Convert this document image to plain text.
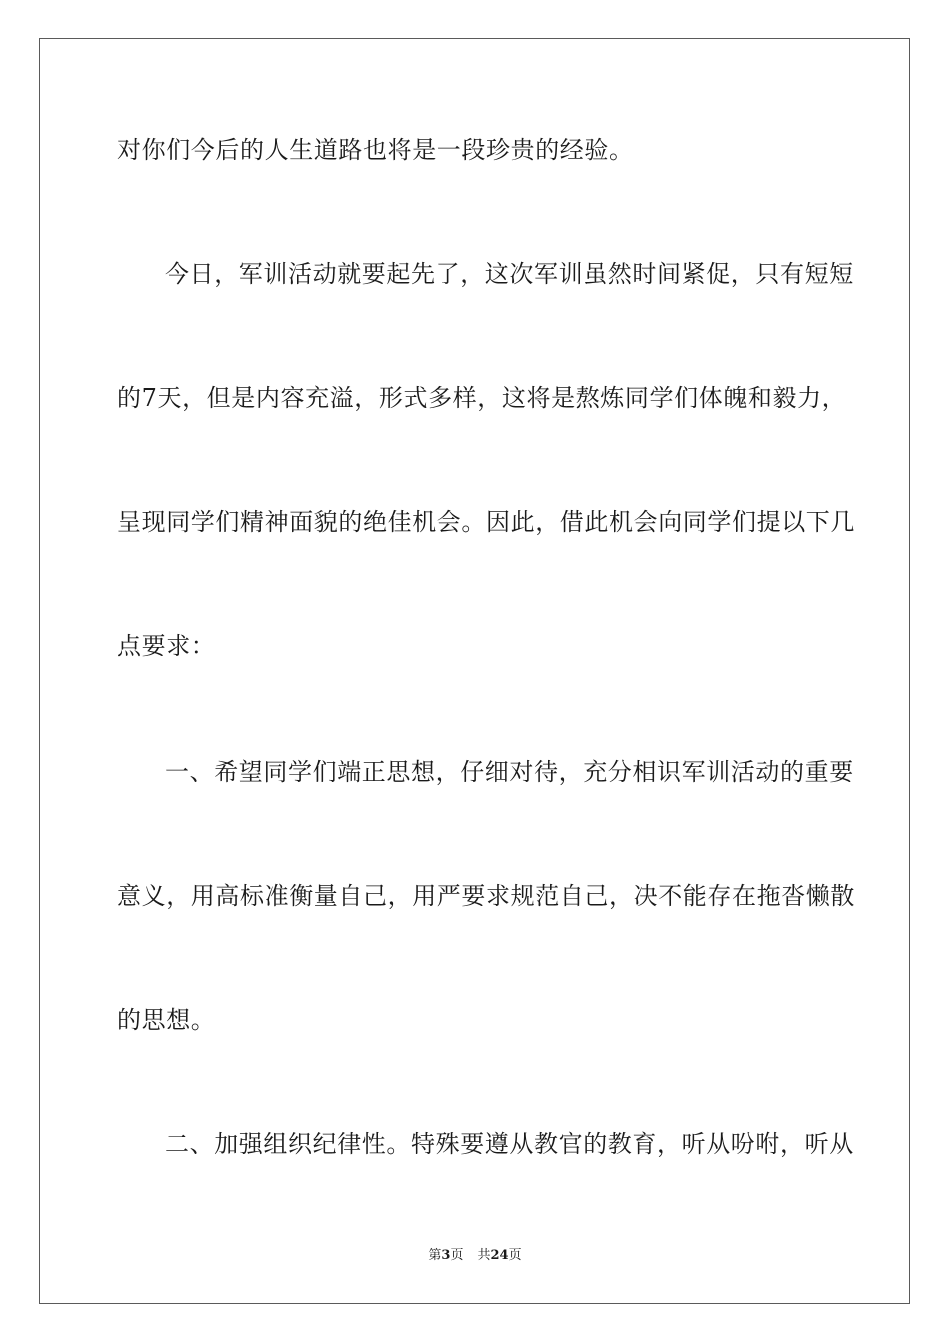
对你们今后的人生道路也将是一段珍贵的经验。

今日，军训活动就要起先了，这次军训虽然时间紧促，只有短短

的7天，但是内容充溢，形式多样，这将是熬炼同学们体魄和毅力，

呈现同学们精神面貌的绝佳机会。因此，借此机会向同学们提以下几

点要求：

一、希望同学们端正思想，仔细对待，充分相识军训活动的重要

意义，用高标准衡量自己，用严要求规范自己，决不能存在拖沓懒散

的思想。

二、加强组织纪律性。特殊要遵从教官的教育，听从吩咐，听从

第3页 共24页
